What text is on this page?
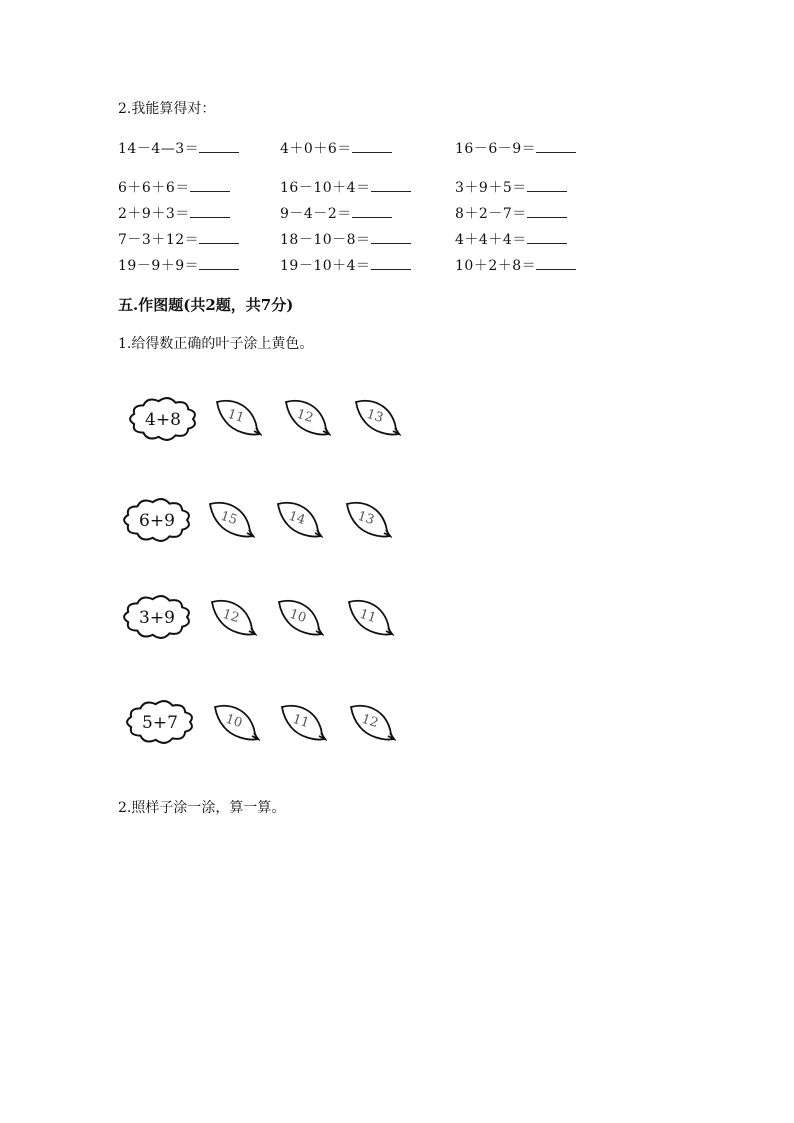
2.我能算得对：
14－4—3＝	4＋0＋6＝	16－6－9＝
6＋6＋6＝	16－10＋4＝	3＋9＋5＝
2＋9＋3＝	9－4－2＝	8＋2－7＝
7－3＋12＝	18－10－8＝	4＋4＋4＝
19－9＋9＝	19－10＋4＝	10＋2＋8＝
五.作图题(共2题，共7分)
1.给得数正确的叶子涂上黄色。
4+8	11	12	13
6+9	15	14	13
3+9	12	10	11
5+7	10	11	12
2.照样子涂一涂，算一算。
